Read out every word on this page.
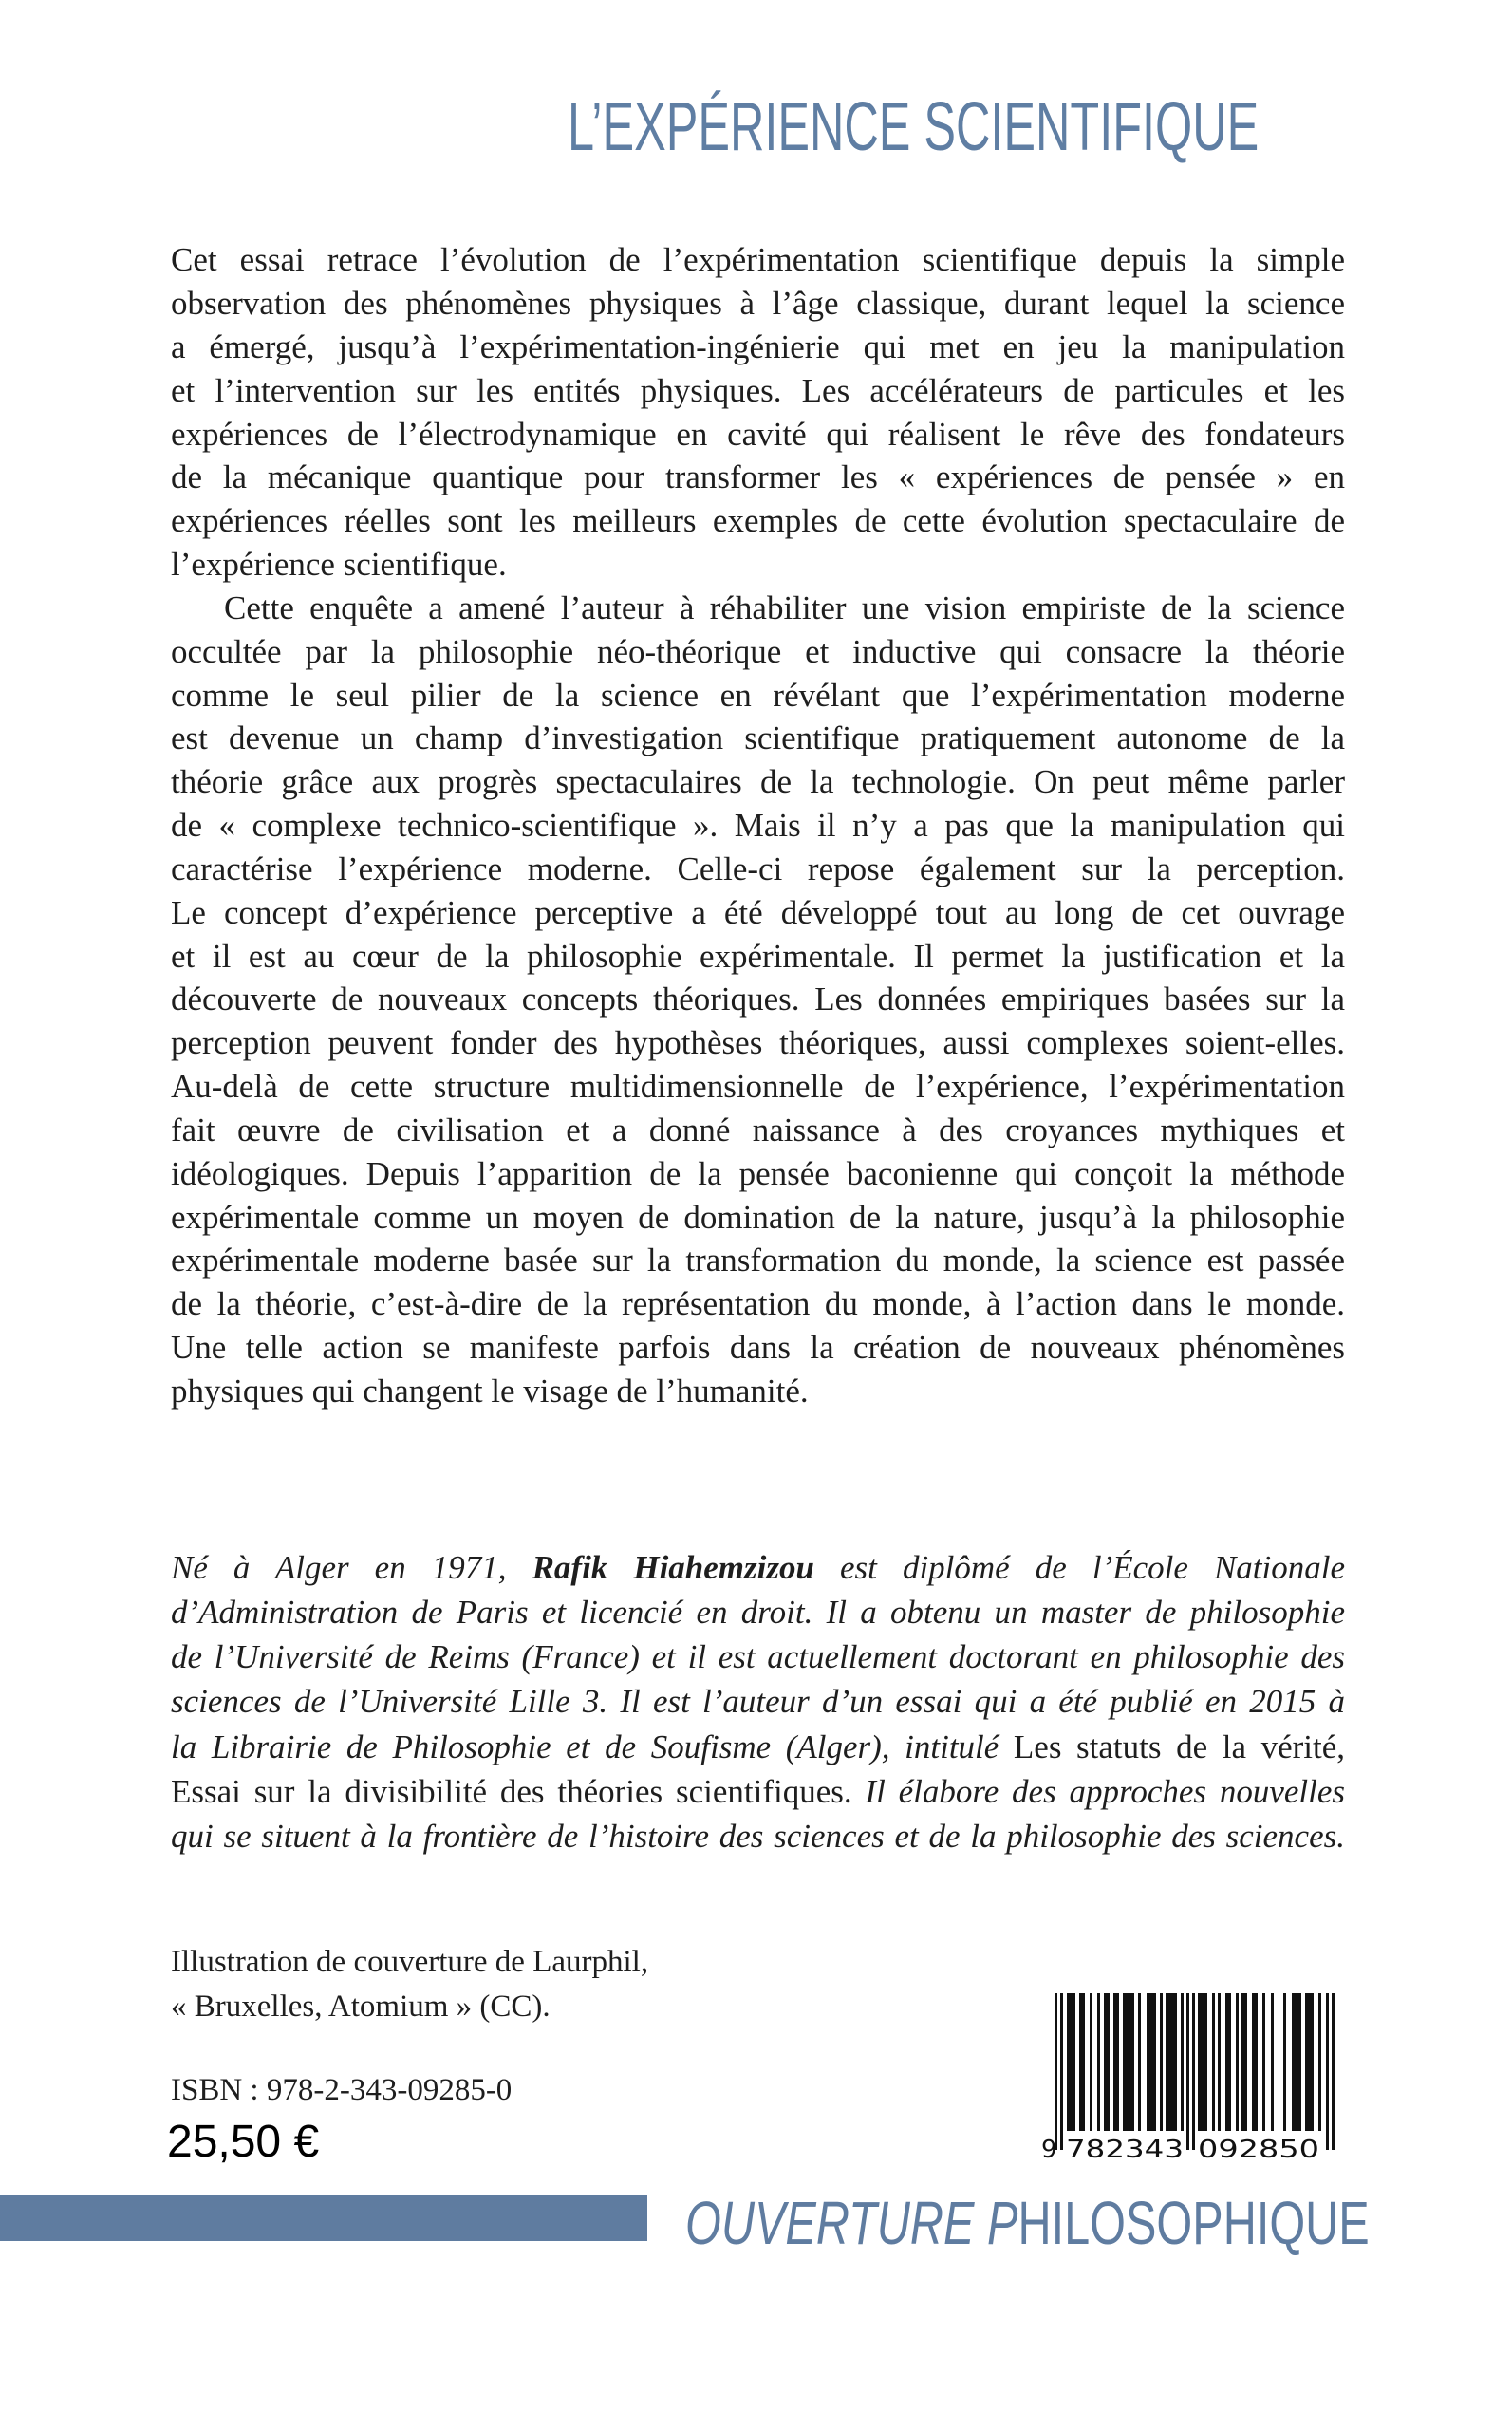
L’EXPÉRIENCE SCIENTIFIQUE
Cet essai retrace l’évolution de l’expérimentation scientifique depuis la simple
observation des phénomènes physiques à l’âge classique, durant lequel la science
a émergé, jusqu’à l’expérimentation-ingénierie qui met en jeu la manipulation
et l’intervention sur les entités physiques. Les accélérateurs de particules et les
expériences de l’électrodynamique en cavité qui réalisent le rêve des fondateurs
de la mécanique quantique pour transformer les « expériences de pensée » en
expériences réelles sont les meilleurs exemples de cette évolution spectaculaire de
l’expérience scientifique.
Cette enquête a amené l’auteur à réhabiliter une vision empiriste de la science
occultée par la philosophie néo-théorique et inductive qui consacre la théorie
comme le seul pilier de la science en révélant que l’expérimentation moderne
est devenue un champ d’investigation scientifique pratiquement autonome de la
théorie grâce aux progrès spectaculaires de la technologie. On peut même parler
de « complexe technico-scientifique ». Mais il n’y a pas que la manipulation qui
caractérise l’expérience moderne. Celle-ci repose également sur la perception.
Le concept d’expérience perceptive a été développé tout au long de cet ouvrage
et il est au cœur de la philosophie expérimentale. Il permet la justification et la
découverte de nouveaux concepts théoriques. Les données empiriques basées sur la
perception peuvent fonder des hypothèses théoriques, aussi complexes soient-elles.
Au-delà de cette structure multidimensionnelle de l’expérience, l’expérimentation
fait œuvre de civilisation et a donné naissance à des croyances mythiques et
idéologiques. Depuis l’apparition de la pensée baconienne qui conçoit la méthode
expérimentale comme un moyen de domination de la nature, jusqu’à la philosophie
expérimentale moderne basée sur la transformation du monde, la science est passée
de la théorie, c’est-à-dire de la représentation du monde, à l’action dans le monde.
Une telle action se manifeste parfois dans la création de nouveaux phénomènes
physiques qui changent le visage de l’humanité.
Né à Alger en 1971, Rafik Hiahemzizou est diplômé de l’École Nationale
d’Administration de Paris et licencié en droit. Il a obtenu un master de philosophie
de l’Université de Reims (France) et il est actuellement doctorant en philosophie des
sciences de l’Université Lille 3. Il est l’auteur d’un essai qui a été publié en 2015 à
la Librairie de Philosophie et de Soufisme (Alger), intitulé Les statuts de la vérité,
Essai sur la divisibilité des théories scientifiques. Il élabore des approches nouvelles
qui se situent à la frontière de l’histoire des sciences et de la philosophie des sciences.
Illustration de couverture de Laurphil,
« Bruxelles, Atomium » (CC).
ISBN : 978-2-343-09285-0
25,50 €	9 782343 092850
OUVERTURE PHILOSOPHIQUE
